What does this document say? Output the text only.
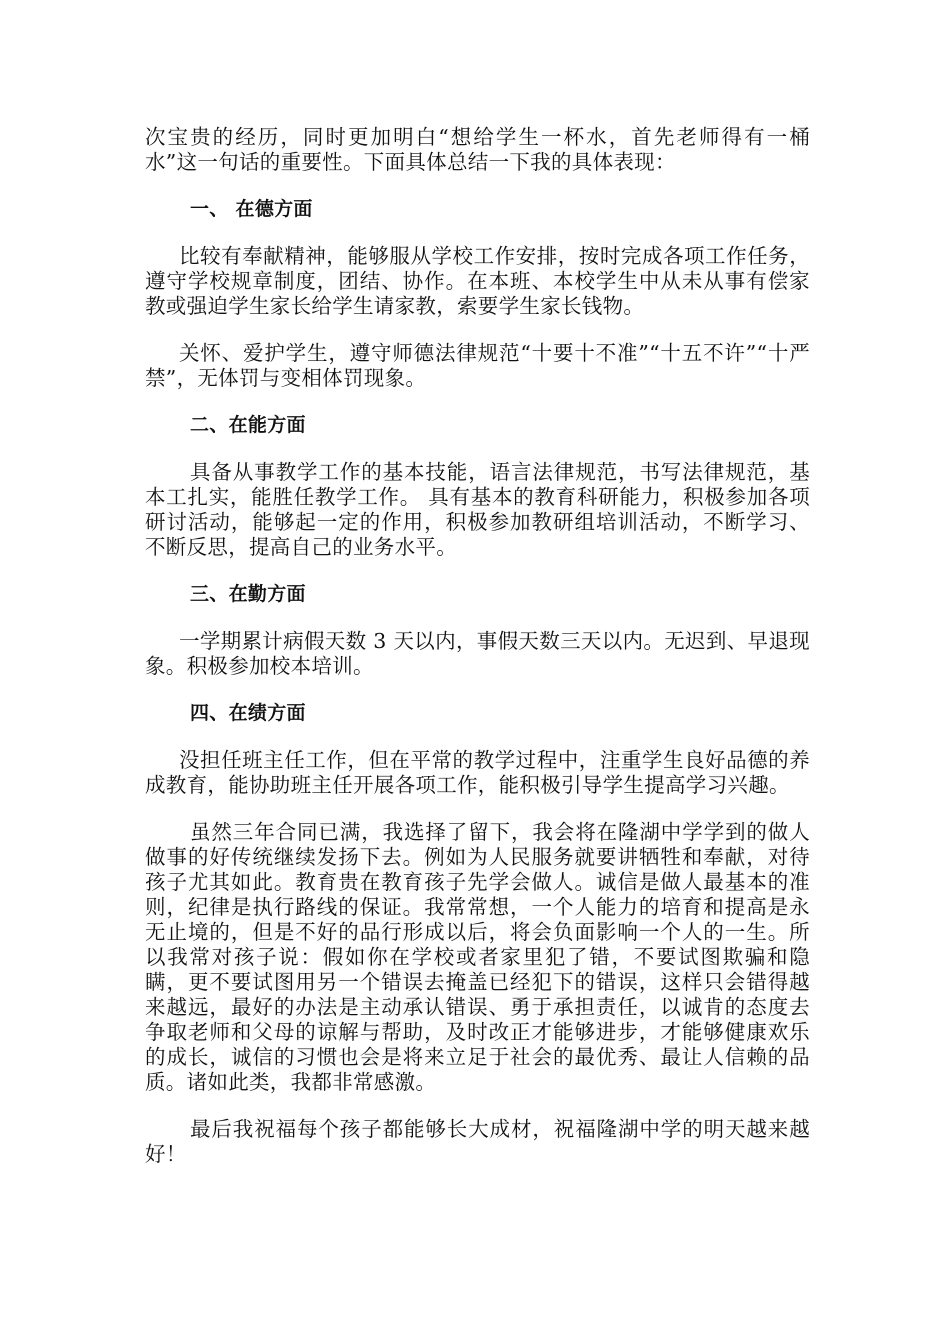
次宝贵的经历，同时更加明白“想给学生一杯水，首先老师得有一桶水”这一句话的重要性。下面具体总结一下我的具体表现：

一、 在德方面

比较有奉献精神，能够服从学校工作安排，按时完成各项工作任务，遵守学校规章制度，团结、协作。在本班、本校学生中从未从事有偿家教或强迫学生家长给学生请家教，索要学生家长钱物。

关怀、爱护学生，遵守师德法律规范“十要十不准”“十五不许”“十严禁”，无体罚与变相体罚现象。

二、在能方面

具备从事教学工作的基本技能，语言法律规范，书写法律规范，基本工扎实，能胜任教学工作。 具有基本的教育科研能力，积极参加各项研讨活动，能够起一定的作用，积极参加教研组培训活动，不断学习、不断反思，提高自己的业务水平。

三、在勤方面

一学期累计病假天数 3 天以内，事假天数三天以内。无迟到、早退现象。积极参加校本培训。

四、在绩方面

没担任班主任工作，但在平常的教学过程中，注重学生良好品德的养成教育，能协助班主任开展各项工作，能积极引导学生提高学习兴趣。

虽然三年合同已满，我选择了留下，我会将在隆湖中学学到的做人做事的好传统继续发扬下去。例如为人民服务就要讲牺牲和奉献，对待孩子尤其如此。教育贵在教育孩子先学会做人。诚信是做人最基本的准则，纪律是执行路线的保证。我常常想，一个人能力的培育和提高是永无止境的，但是不好的品行形成以后，将会负面影响一个人的一生。所以我常对孩子说：假如你在学校或者家里犯了错，不要试图欺骗和隐瞒，更不要试图用另一个错误去掩盖已经犯下的错误，这样只会错得越来越远，最好的办法是主动承认错误、勇于承担责任，以诚肯的态度去争取老师和父母的谅解与帮助，及时改正才能够进步，才能够健康欢乐的成长，诚信的习惯也会是将来立足于社会的最优秀、最让人信赖的品质。诸如此类，我都非常感激。

最后我祝福每个孩子都能够长大成材，祝福隆湖中学的明天越来越好！
